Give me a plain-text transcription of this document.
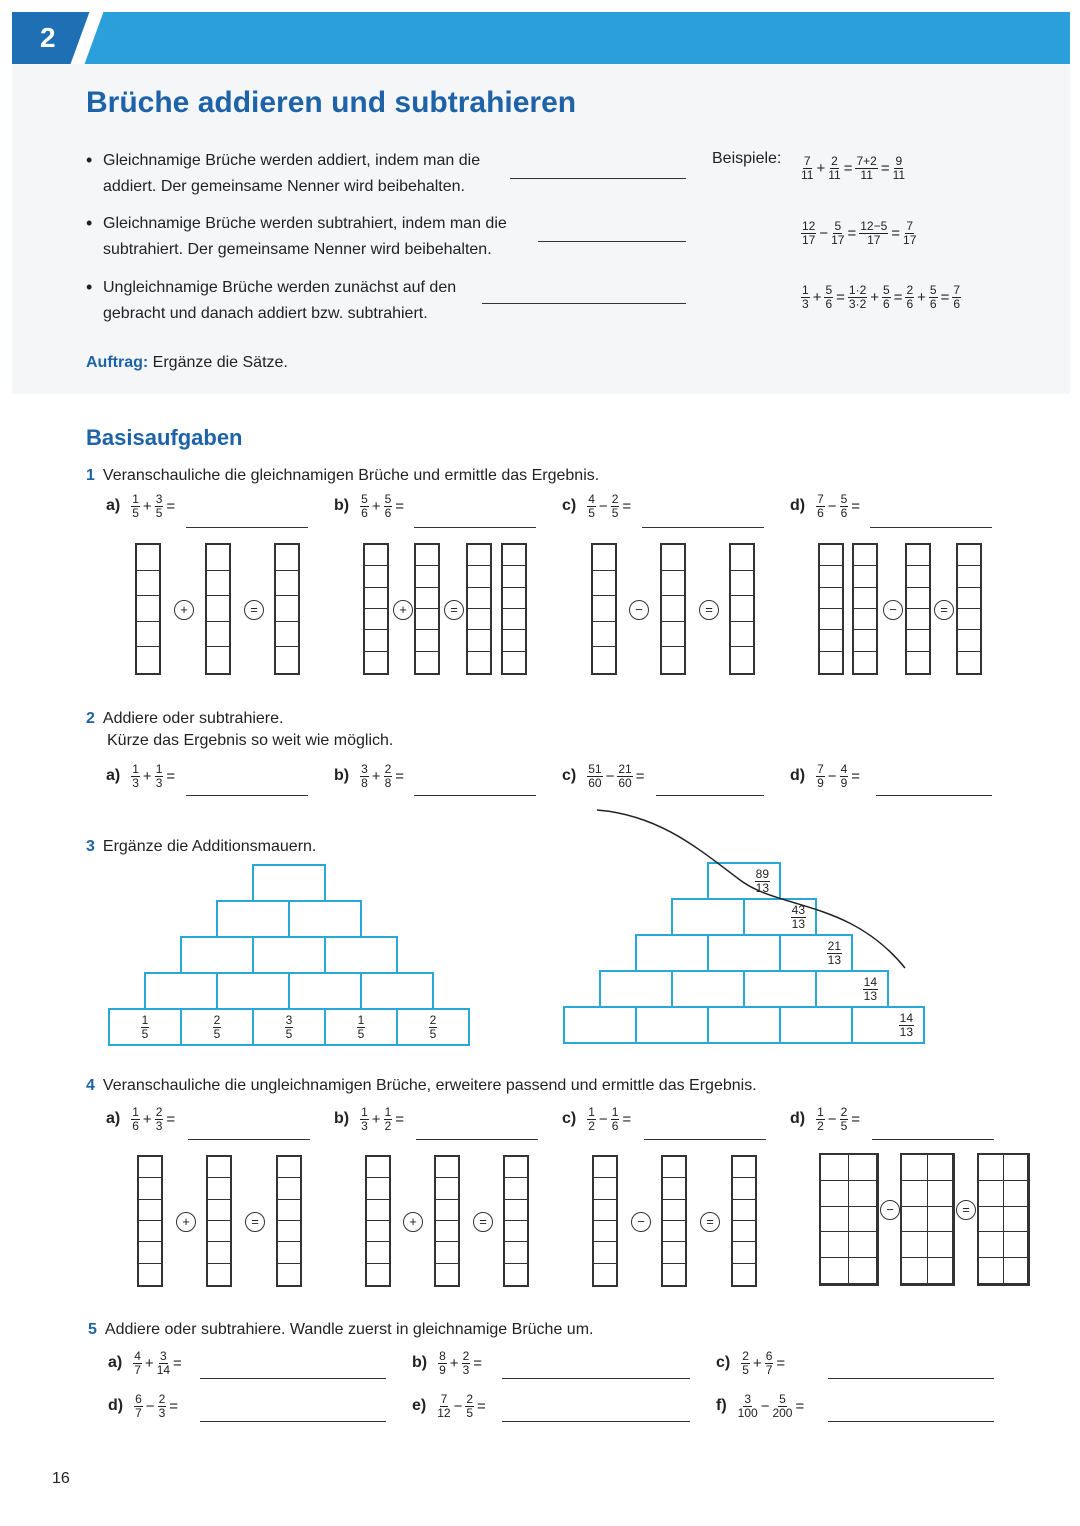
2
Brüche addieren und subtrahieren
• Gleichnamige Brüche werden addiert, indem man die
addiert. Der gemeinsame Nenner wird beibehalten.
• Gleichnamige Brüche werden subtrahiert, indem man die
subtrahiert. Der gemeinsame Nenner wird beibehalten.
• Ungleichnamige Brüche werden zunächst auf den
gebracht und danach addiert bzw. subtrahiert.
Beispiele: $\frac{7}{11} + \frac{2}{11} = \frac{7+2}{11} = \frac{9}{11}$
$\frac{12}{17} - \frac{5}{17} = \frac{12-5}{17} = \frac{7}{17}$
$\frac{1}{3} + \frac{5}{6} = \frac{1\cdot 2}{3\cdot 2} + \frac{5}{6} = \frac{2}{6} + \frac{5}{6} = \frac{7}{6}$
Auftrag: Ergänze die Sätze.
Basisaufgaben
1 Veranschauliche die gleichnamigen Brüche und ermittle das Ergebnis.
$a) \frac{1}{5} + \frac{3}{5}$ =	$b) \frac{5}{6} + \frac{5}{6}$ =	$c) \frac{4}{5} - \frac{2}{5}$ =	$d) \frac{7}{6} - \frac{5}{6}$ =
+	=	+	=	−	=	−	=
2 Addiere oder subtrahiere.
Kürze das Ergebnis so weit wie möglich.
$a) \frac{1}{3} + \frac{1}{3}$ =	$b) \frac{3}{8} + \frac{2}{8}$ =	$c) \frac{51}{60} - \frac{21}{60}$ =	$d) \frac{7}{9} - \frac{4}{9}$ =
3 Ergänze die Additionsmauern.
$\frac{1}{5}$	$\frac{2}{5}$	$\frac{3}{5}$	$\frac{1}{5}$	$\frac{2}{5}$
$\frac{89}{13}$
$\frac{43}{13}$
$\frac{21}{13}$
$\frac{14}{13}$
$\frac{14}{13}$
4 Veranschauliche die ungleichnamigen Brüche, erweitere passend und ermittle das Ergebnis.
$a) \frac{1}{6} + \frac{2}{3}$ =	$b) \frac{1}{3} + \frac{1}{2}$ =	$c) \frac{1}{2} - \frac{1}{6}$ =	$d) \frac{1}{2} - \frac{2}{5}$ =
+	=	+	=	−	=
−	=
5 Addiere oder subtrahiere. Wandle zuerst in gleichnamige Brüche um.
$a) \frac{4}{7} + \frac{3}{14}$ =	$b) \frac{8}{9} + \frac{2}{3}$ =	$c) \frac{2}{5} + \frac{6}{7}$ =
$d) \frac{6}{7} - \frac{2}{3}$ =	$e) \frac{7}{12} - \frac{2}{5}$ =	$f) \frac{3}{100} - \frac{5}{200}$ =
16
